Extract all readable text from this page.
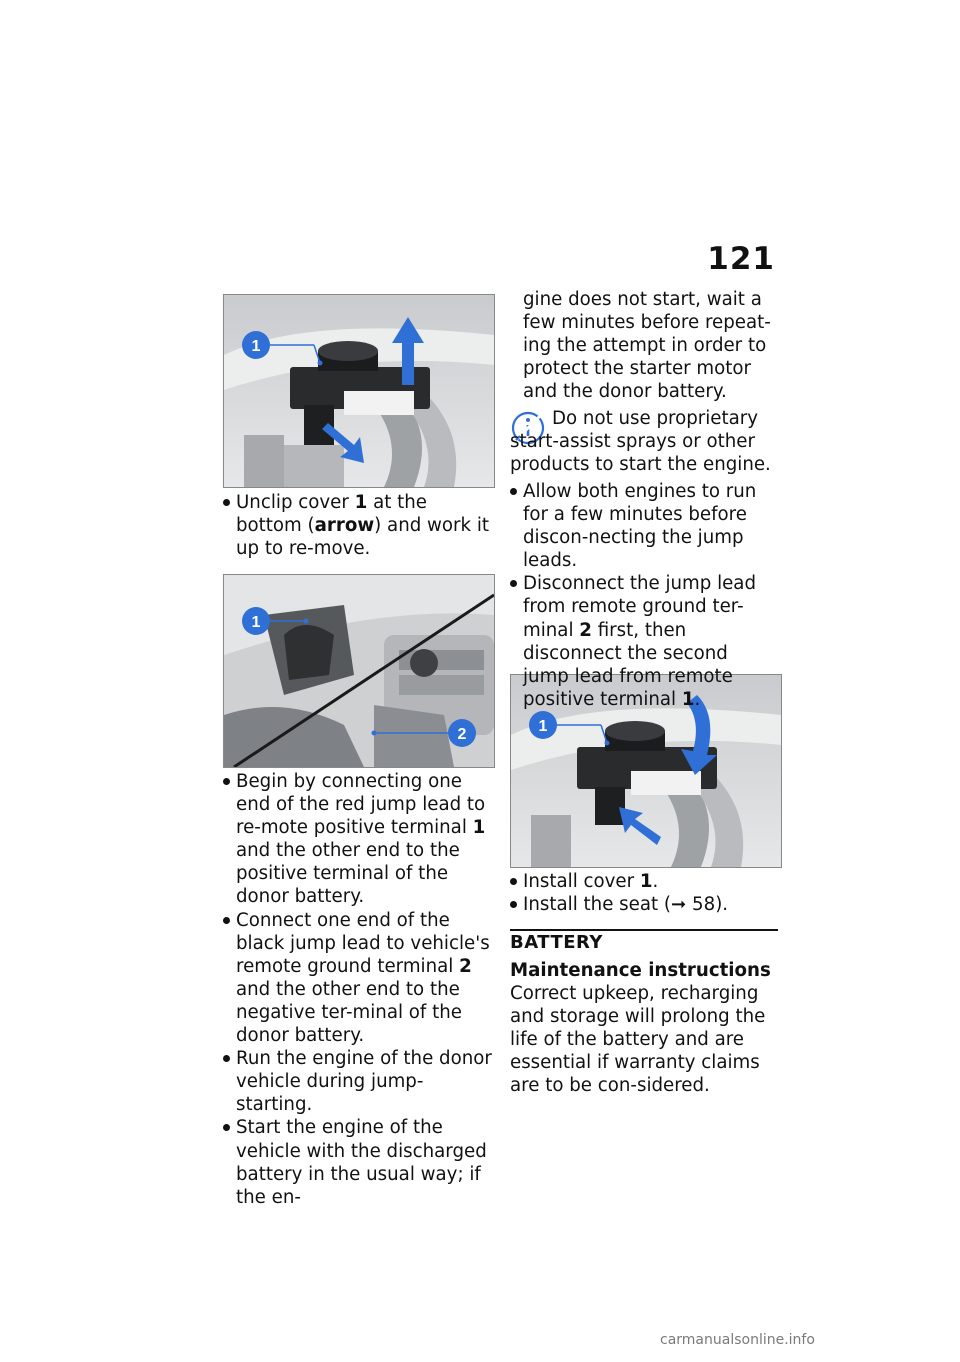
121
1
1
2	1
Unclip cover 1 at the bottom (arrow) and work it up to re-move.
Begin by connecting one end of the red jump lead to re-mote positive terminal 1 and the other end to the positive terminal of the donor battery.
Connect one end of the black jump lead to vehicle's remote ground terminal 2 and the other end to the negative ter-minal of the donor battery.
Run the engine of the donor vehicle during jump-starting.
Start the engine of the vehicle with the discharged battery in the usual way; if the en-
gine does not start, wait a few minutes before repeat-ing the attempt in order to protect the starter motor and the donor battery.
Do not use proprietary start-assist sprays or other products to start the engine.
Allow both engines to run for a few minutes before discon-necting the jump leads.
Disconnect the jump lead from remote ground ter-minal 2 first, then disconnect the second jump lead from remote positive terminal 1.
Install cover 1.
Install the seat (➞ 58).
BATTERY
Maintenance instructions
Correct upkeep, recharging and storage will prolong the life of the battery and are essential if warranty claims are to be con-sidered.
carmanualsonline.info
